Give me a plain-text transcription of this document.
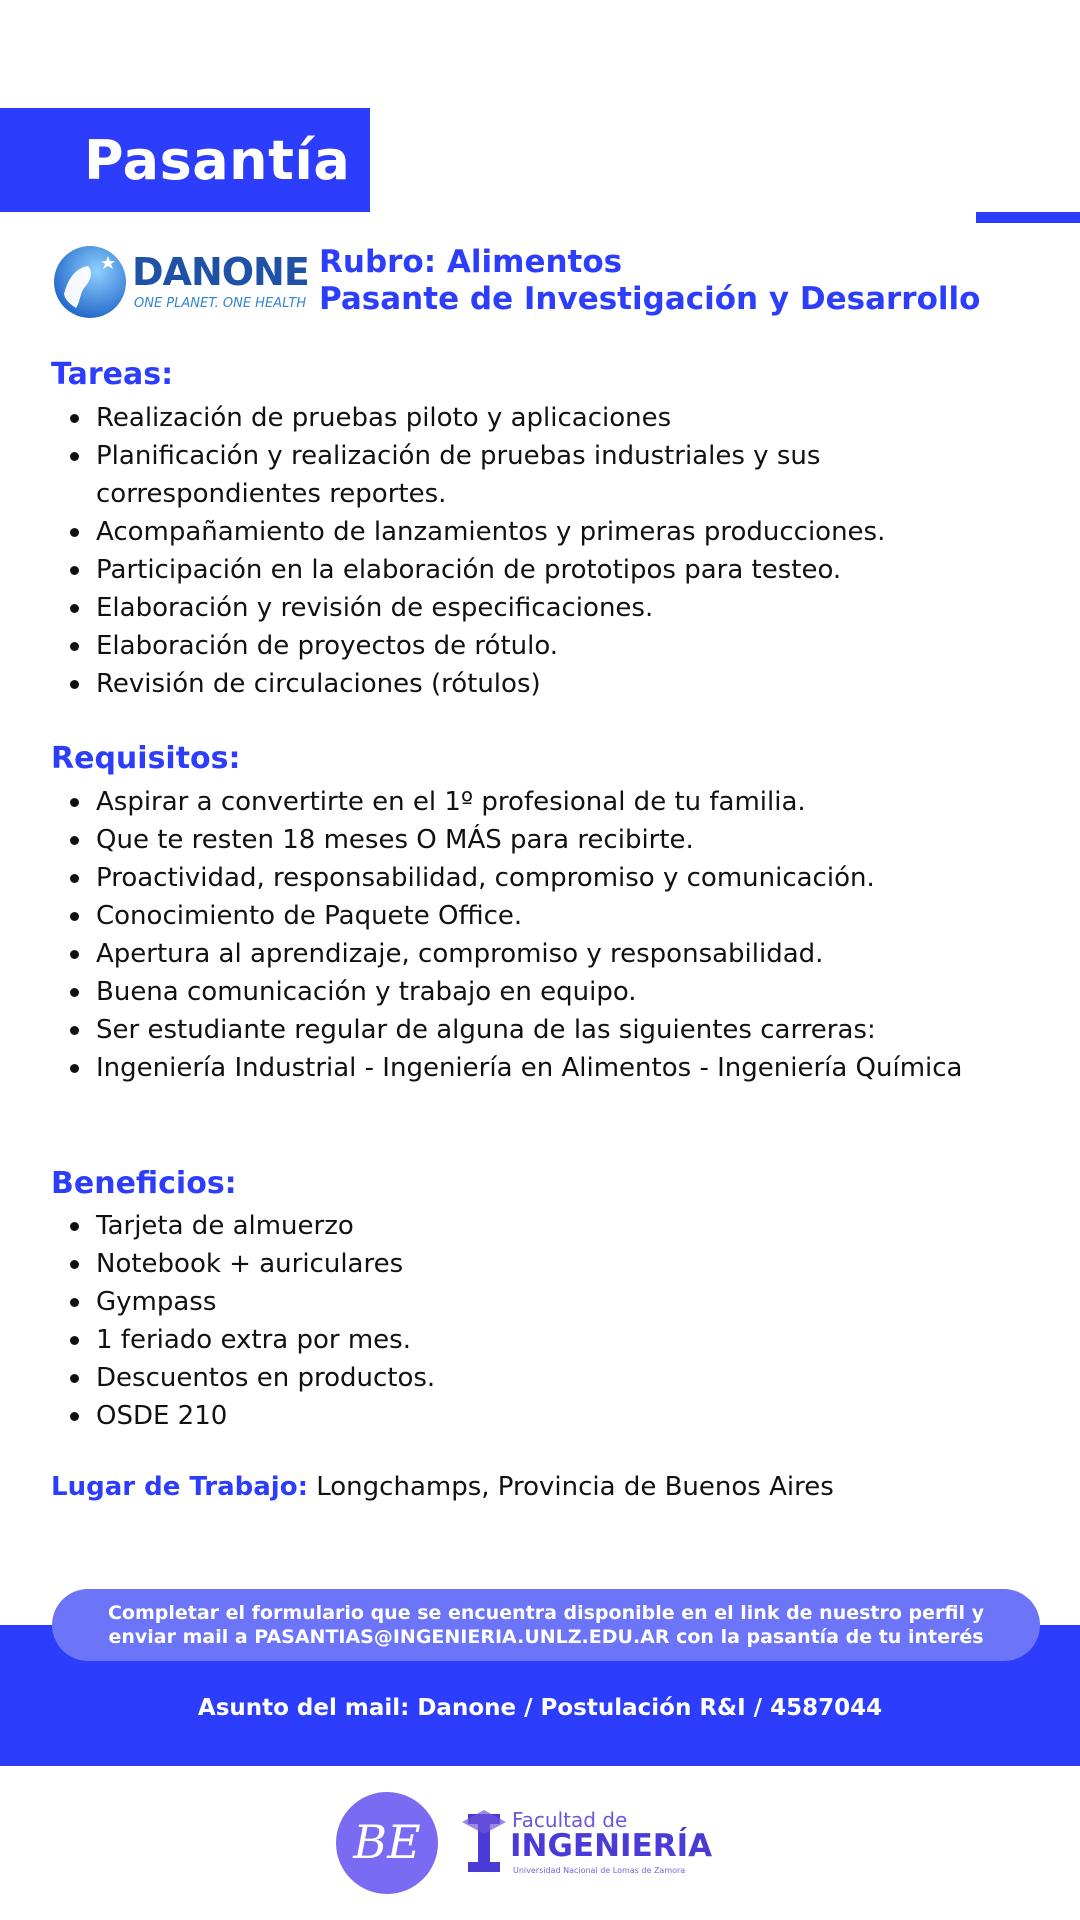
Pasantía
DANONE
ONE PLANET. ONE HEALTH
Rubro: Alimentos
Pasante de Investigación y Desarrollo
Tareas:
Realización de pruebas piloto y aplicaciones
Planificación y realización de pruebas industriales y sus correspondientes reportes.
Acompañamiento de lanzamientos y primeras producciones.
Participación en la elaboración de prototipos para testeo.
Elaboración y revisión de especificaciones.
Elaboración de proyectos de rótulo.
Revisión de circulaciones (rótulos)
Requisitos:
Aspirar a convertirte en el 1º profesional de tu familia.
Que te resten 18 meses O MÁS para recibirte.
Proactividad, responsabilidad, compromiso y comunicación.
Conocimiento de Paquete Office.
Apertura al aprendizaje, compromiso y responsabilidad.
Buena comunicación y trabajo en equipo.
Ser estudiante regular de alguna de las siguientes carreras:
Ingeniería Industrial - Ingeniería en Alimentos - Ingeniería Química
Beneficios:
Tarjeta de almuerzo
Notebook + auriculares
Gympass
1 feriado extra por mes.
Descuentos en productos.
OSDE 210
Lugar de Trabajo: Longchamps, Provincia de Buenos Aires
Completar el formulario que se encuentra disponible en el link de nuestro perfil y
enviar mail a PASANTIAS@INGENIERIA.UNLZ.EDU.AR con la pasantía de tu interés
Asunto del mail: Danone / Postulación R&I / 4587044
BE	Facultad de
INGENIERÍA
Universidad Nacional de Lomas de Zamora
